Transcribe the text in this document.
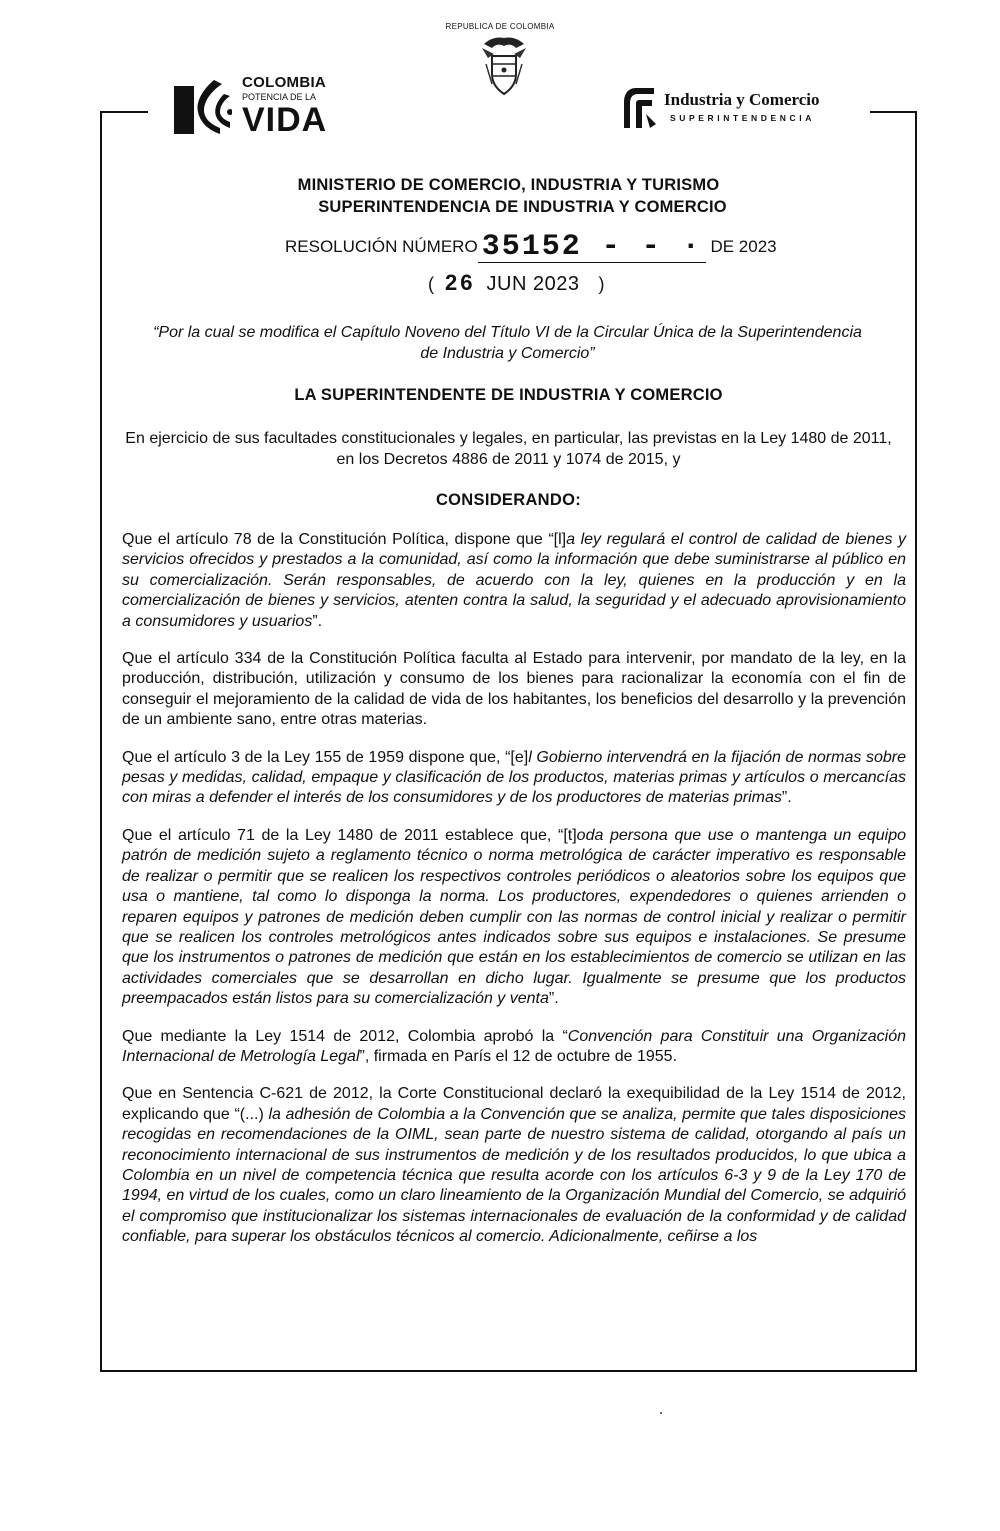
REPUBLICA DE COLOMBIA
COLOMBIA
POTENCIA DE LA
VIDA
Industria y Comercio
SUPERINTENDENCIA
MINISTERIO DE COMERCIO, INDUSTRIA Y TURISMO
SUPERINTENDENCIA DE INDUSTRIA Y COMERCIO
RESOLUCIÓN NÚMERO 35152 - - · DE 2023
( 26 JUN 2023 )
“Por la cual se modifica el Capítulo Noveno del Título VI de la Circular Única de la Superintendencia de Industria y Comercio”
LA SUPERINTENDENTE DE INDUSTRIA Y COMERCIO
En ejercicio de sus facultades constitucionales y legales, en particular, las previstas en la Ley 1480 de 2011, en los Decretos 4886 de 2011 y 1074 de 2015, y
CONSIDERANDO:

Que el artículo 78 de la Constitución Política, dispone que “[l]a ley regulará el control de calidad de bienes y servicios ofrecidos y prestados a la comunidad, así como la información que debe suministrarse al público en su comercialización. Serán responsables, de acuerdo con la ley, quienes en la producción y en la comercialización de bienes y servicios, atenten contra la salud, la seguridad y el adecuado aprovisionamiento a consumidores y usuarios”.

Que el artículo 334 de la Constitución Política faculta al Estado para intervenir, por mandato de la ley, en la producción, distribución, utilización y consumo de los bienes para racionalizar la economía con el fin de conseguir el mejoramiento de la calidad de vida de los habitantes, los beneficios del desarrollo y la prevención de un ambiente sano, entre otras materias.

Que el artículo 3 de la Ley 155 de 1959 dispone que, “[e]l Gobierno intervendrá en la fijación de normas sobre pesas y medidas, calidad, empaque y clasificación de los productos, materias primas y artículos o mercancías con miras a defender el interés de los consumidores y de los productores de materias primas”.

Que el artículo 71 de la Ley 1480 de 2011 establece que, “[t]oda persona que use o mantenga un equipo patrón de medición sujeto a reglamento técnico o norma metrológica de carácter imperativo es responsable de realizar o permitir que se realicen los respectivos controles periódicos o aleatorios sobre los equipos que usa o mantiene, tal como lo disponga la norma. Los productores, expendedores o quienes arrienden o reparen equipos y patrones de medición deben cumplir con las normas de control inicial y realizar o permitir que se realicen los controles metrológicos antes indicados sobre sus equipos e instalaciones. Se presume que los instrumentos o patrones de medición que están en los establecimientos de comercio se utilizan en las actividades comerciales que se desarrollan en dicho lugar. Igualmente se presume que los productos preempacados están listos para su comercialización y venta”.

Que mediante la Ley 1514 de 2012, Colombia aprobó la “Convención para Constituir una Organización Internacional de Metrología Legal”, firmada en París el 12 de octubre de 1955.

Que en Sentencia C-621 de 2012, la Corte Constitucional declaró la exequibilidad de la Ley 1514 de 2012, explicando que “(...) la adhesión de Colombia a la Convención que se analiza, permite que tales disposiciones recogidas en recomendaciones de la OIML, sean parte de nuestro sistema de calidad, otorgando al país un reconocimiento internacional de sus instrumentos de medición y de los resultados producidos, lo que ubica a Colombia en un nivel de competencia técnica que resulta acorde con los artículos 6-3 y 9 de la Ley 170 de 1994, en virtud de los cuales, como un claro lineamiento de la Organización Mundial del Comercio, se adquirió el compromiso que institucionalizar los sistemas internacionales de evaluación de la conformidad y de calidad confiable, para superar los obstáculos técnicos al comercio. Adicionalmente, ceñirse a los
